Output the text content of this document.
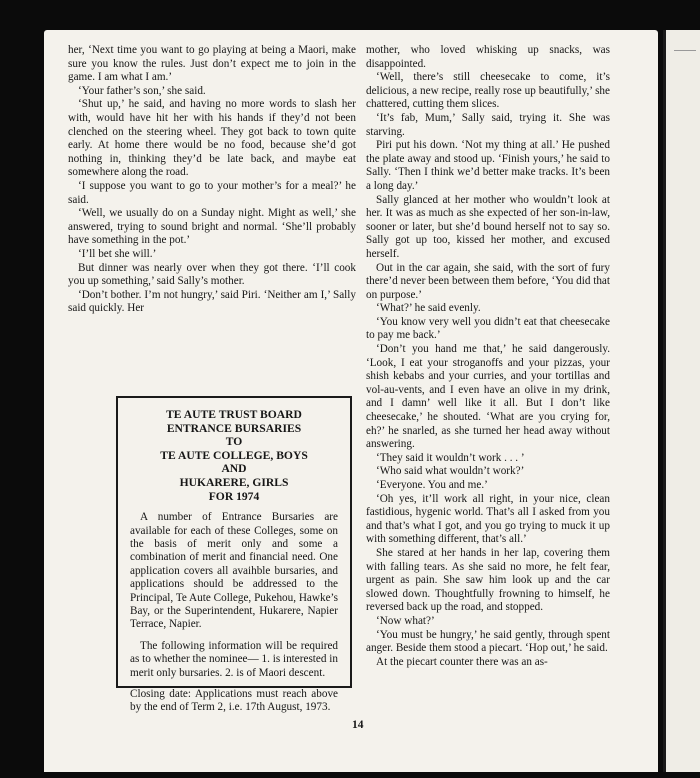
her, ‘Next time you want to go playing at being a Maori, make sure you know the rules. Just don’t expect me to join in the game. I am what I am.’

‘Your father’s son,’ she said.

‘Shut up,’ he said, and having no more words to slash her with, would have hit her with his hands if they’d not been clenched on the steering wheel. They got back to town quite early. At home there would be no food, because she’d got nothing in, thinking they’d be late back, and maybe eat somewhere along the road.

‘I suppose you want to go to your mother’s for a meal?’ he said.

‘Well, we usually do on a Sunday night. Might as well,’ she answered, trying to sound bright and normal. ‘She’ll probably have something in the pot.’

‘I’ll bet she will.’

But dinner was nearly over when they got there. ‘I’ll cook you up something,’ said Sally’s mother.

‘Don’t bother. I’m not hungry,’ said Piri. ‘Neither am I,’ Sally said quickly. Her

TE AUTE TRUST BOARD
ENTRANCE BURSARIES
TO
TE AUTE COLLEGE, BOYS
AND
HUKARERE, GIRLS
FOR 1974

A number of Entrance Bursaries are available for each of these Colleges, some on the basis of merit only and some a combination of merit and financial need. One application covers all avaihble bursaries, and applications should be addressed to the Principal, Te Aute College, Pukehou, Hawke’s Bay, or the Superintendent, Hukarere, Napier Terrace, Napier.

The following information will be required as to whether the nominee— 1. is interested in merit only bursaries. 2. is of Maori descent.

Closing date: Applications must reach above by the end of Term 2, i.e. 17th August, 1973.

mother, who loved whisking up snacks, was disappointed.

‘Well, there’s still cheesecake to come, it’s delicious, a new recipe, really rose up beautifully,’ she chattered, cutting them slices.

‘It’s fab, Mum,’ Sally said, trying it. She was starving.

Piri put his down. ‘Not my thing at all.’ He pushed the plate away and stood up. ‘Finish yours,’ he said to Sally. ‘Then I think we’d better make tracks. It’s been a long day.’

Sally glanced at her mother who wouldn’t look at her. It was as much as she expected of her son-in-law, sooner or later, but she’d bound herself not to say so. Sally got up too, kissed her mother, and excused herself.

Out in the car again, she said, with the sort of fury there’d never been between them before, ‘You did that on purpose.’

‘What?’ he said evenly.

‘You know very well you didn’t eat that cheesecake to pay me back.’

‘Don’t you hand me that,’ he said dangerously. ‘Look, I eat your stroganoffs and your pizzas, your shish kebabs and your curries, and your tortillas and vol-au-vents, and I even have an olive in my drink, and I damn’ well like it all. But I don’t like cheesecake,’ he shouted. ‘What are you crying for, eh?’ he snarled, as she turned her head away without answering.

‘They said it wouldn’t work . . . ’

‘Who said what wouldn’t work?’

‘Everyone. You and me.’

‘Oh yes, it’ll work all right, in your nice, clean fastidious, hygenic world. That’s all I asked from you and that’s what I got, and you go trying to muck it up with something different, that’s all.’

She stared at her hands in her lap, covering them with falling tears. As she said no more, he felt fear, urgent as pain. She saw him look up and the car slowed down. Thoughtfully frowning to himself, he reversed back up the road, and stopped.

‘Now what?’

‘You must be hungry,’ he said gently, through spent anger. Beside them stood a piecart. ‘Hop out,’ he said.

At the piecart counter there was an as-

14
